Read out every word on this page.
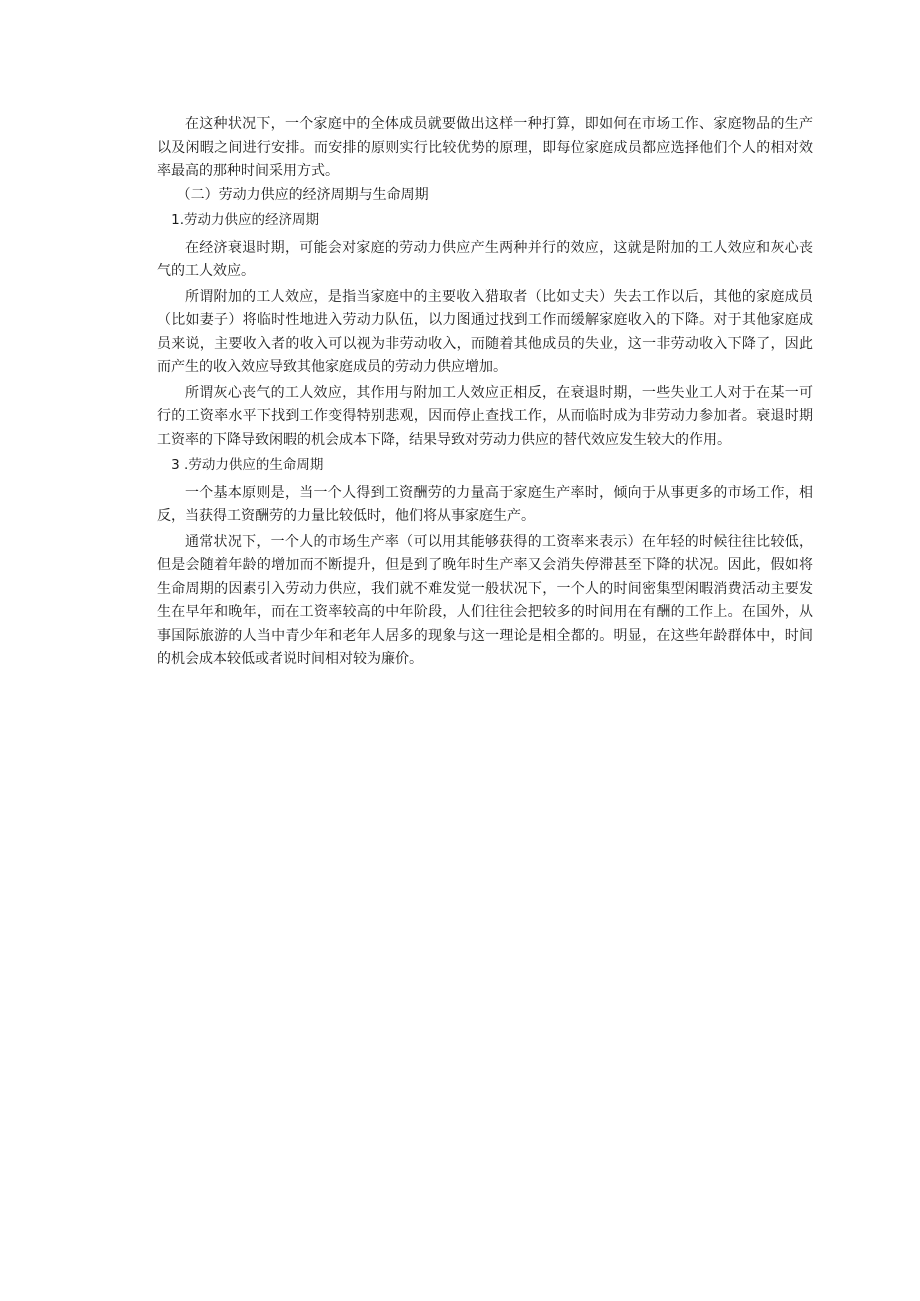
在这种状况下，一个家庭中的全体成员就要做出这样一种打算，即如何在市场工作、家庭物品的生产以及闲暇之间进行安排。而安排的原则实行比较优势的原理，即每位家庭成员都应选择他们个人的相对效率最高的那种时间采用方式。

（二）劳动力供应的经济周期与生命周期
1.劳动力供应的经济周期

在经济衰退时期，可能会对家庭的劳动力供应产生两种并行的效应，这就是附加的工人效应和灰心丧气的工人效应。

所谓附加的工人效应，是指当家庭中的主要收入猎取者（比如丈夫）失去工作以后，其他的家庭成员（比如妻子）将临时性地进入劳动力队伍，以力图通过找到工作而缓解家庭收入的下降。对于其他家庭成员来说，主要收入者的收入可以视为非劳动收入，而随着其他成员的失业，这一非劳动收入下降了，因此而产生的收入效应导致其他家庭成员的劳动力供应增加。

所谓灰心丧气的工人效应，其作用与附加工人效应正相反，在衰退时期，一些失业工人对于在某一可行的工资率水平下找到工作变得特别悲观，因而停止查找工作，从而临时成为非劳动力参加者。衰退时期工资率的下降导致闲暇的机会成本下降，结果导致对劳动力供应的替代效应发生较大的作用。

3 .劳动力供应的生命周期

一个基本原则是，当一个人得到工资酬劳的力量高于家庭生产率时，倾向于从事更多的市场工作，相反，当获得工资酬劳的力量比较低时，他们将从事家庭生产。

通常状况下，一个人的市场生产率（可以用其能够获得的工资率来表示）在年轻的时候往往比较低，但是会随着年龄的增加而不断提升，但是到了晚年时生产率又会消失停滞甚至下降的状况。因此，假如将生命周期的因素引入劳动力供应，我们就不难发觉一般状况下，一个人的时间密集型闲暇消费活动主要发生在早年和晚年，而在工资率较高的中年阶段，人们往往会把较多的时间用在有酬的工作上。在国外，从事国际旅游的人当中青少年和老年人居多的现象与这一理论是相全都的。明显，在这些年龄群体中，时间的机会成本较低或者说时间相对较为廉价。
